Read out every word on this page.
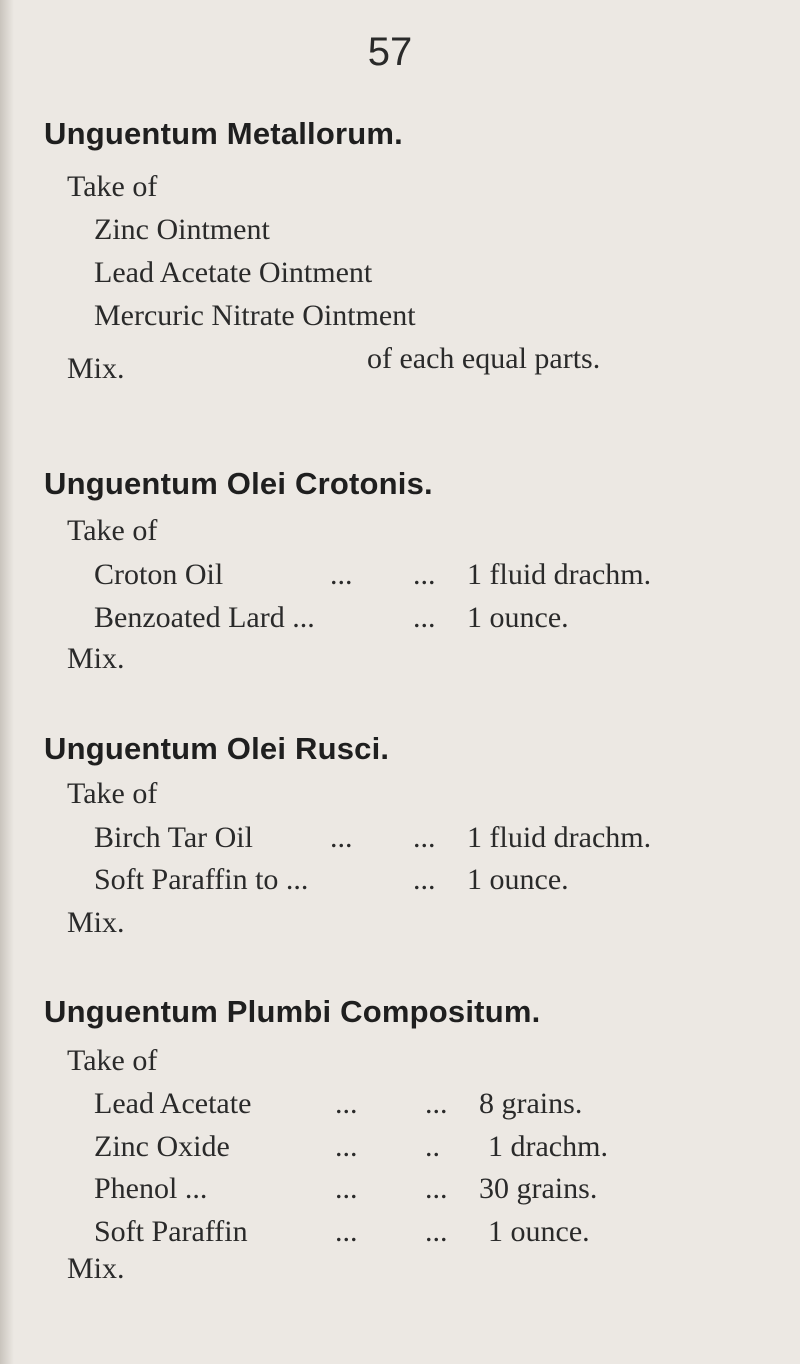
57
Unguentum Metallorum.
Take of
Zinc Ointment
Lead Acetate Ointment
Mercuric Nitrate Ointment
of each equal parts.
Mix.
Unguentum Olei Crotonis.
Take of
Croton Oil	... ... 1 fluid drachm.
Benzoated Lard ...	... 1 ounce.
Mix.
Unguentum Olei Rusci.
Take of
Birch Tar Oil	... ... 1 fluid drachm.
Soft Paraffin to ...	... 1 ounce.
Mix.
Unguentum Plumbi Compositum.
Take of
Lead Acetate	... ... 8 grains.
Zinc Oxide	... .. 1 drachm.
Phenol ...	... ... 30 grains.
Soft Paraffin	... ... 1 ounce.
Mix.
